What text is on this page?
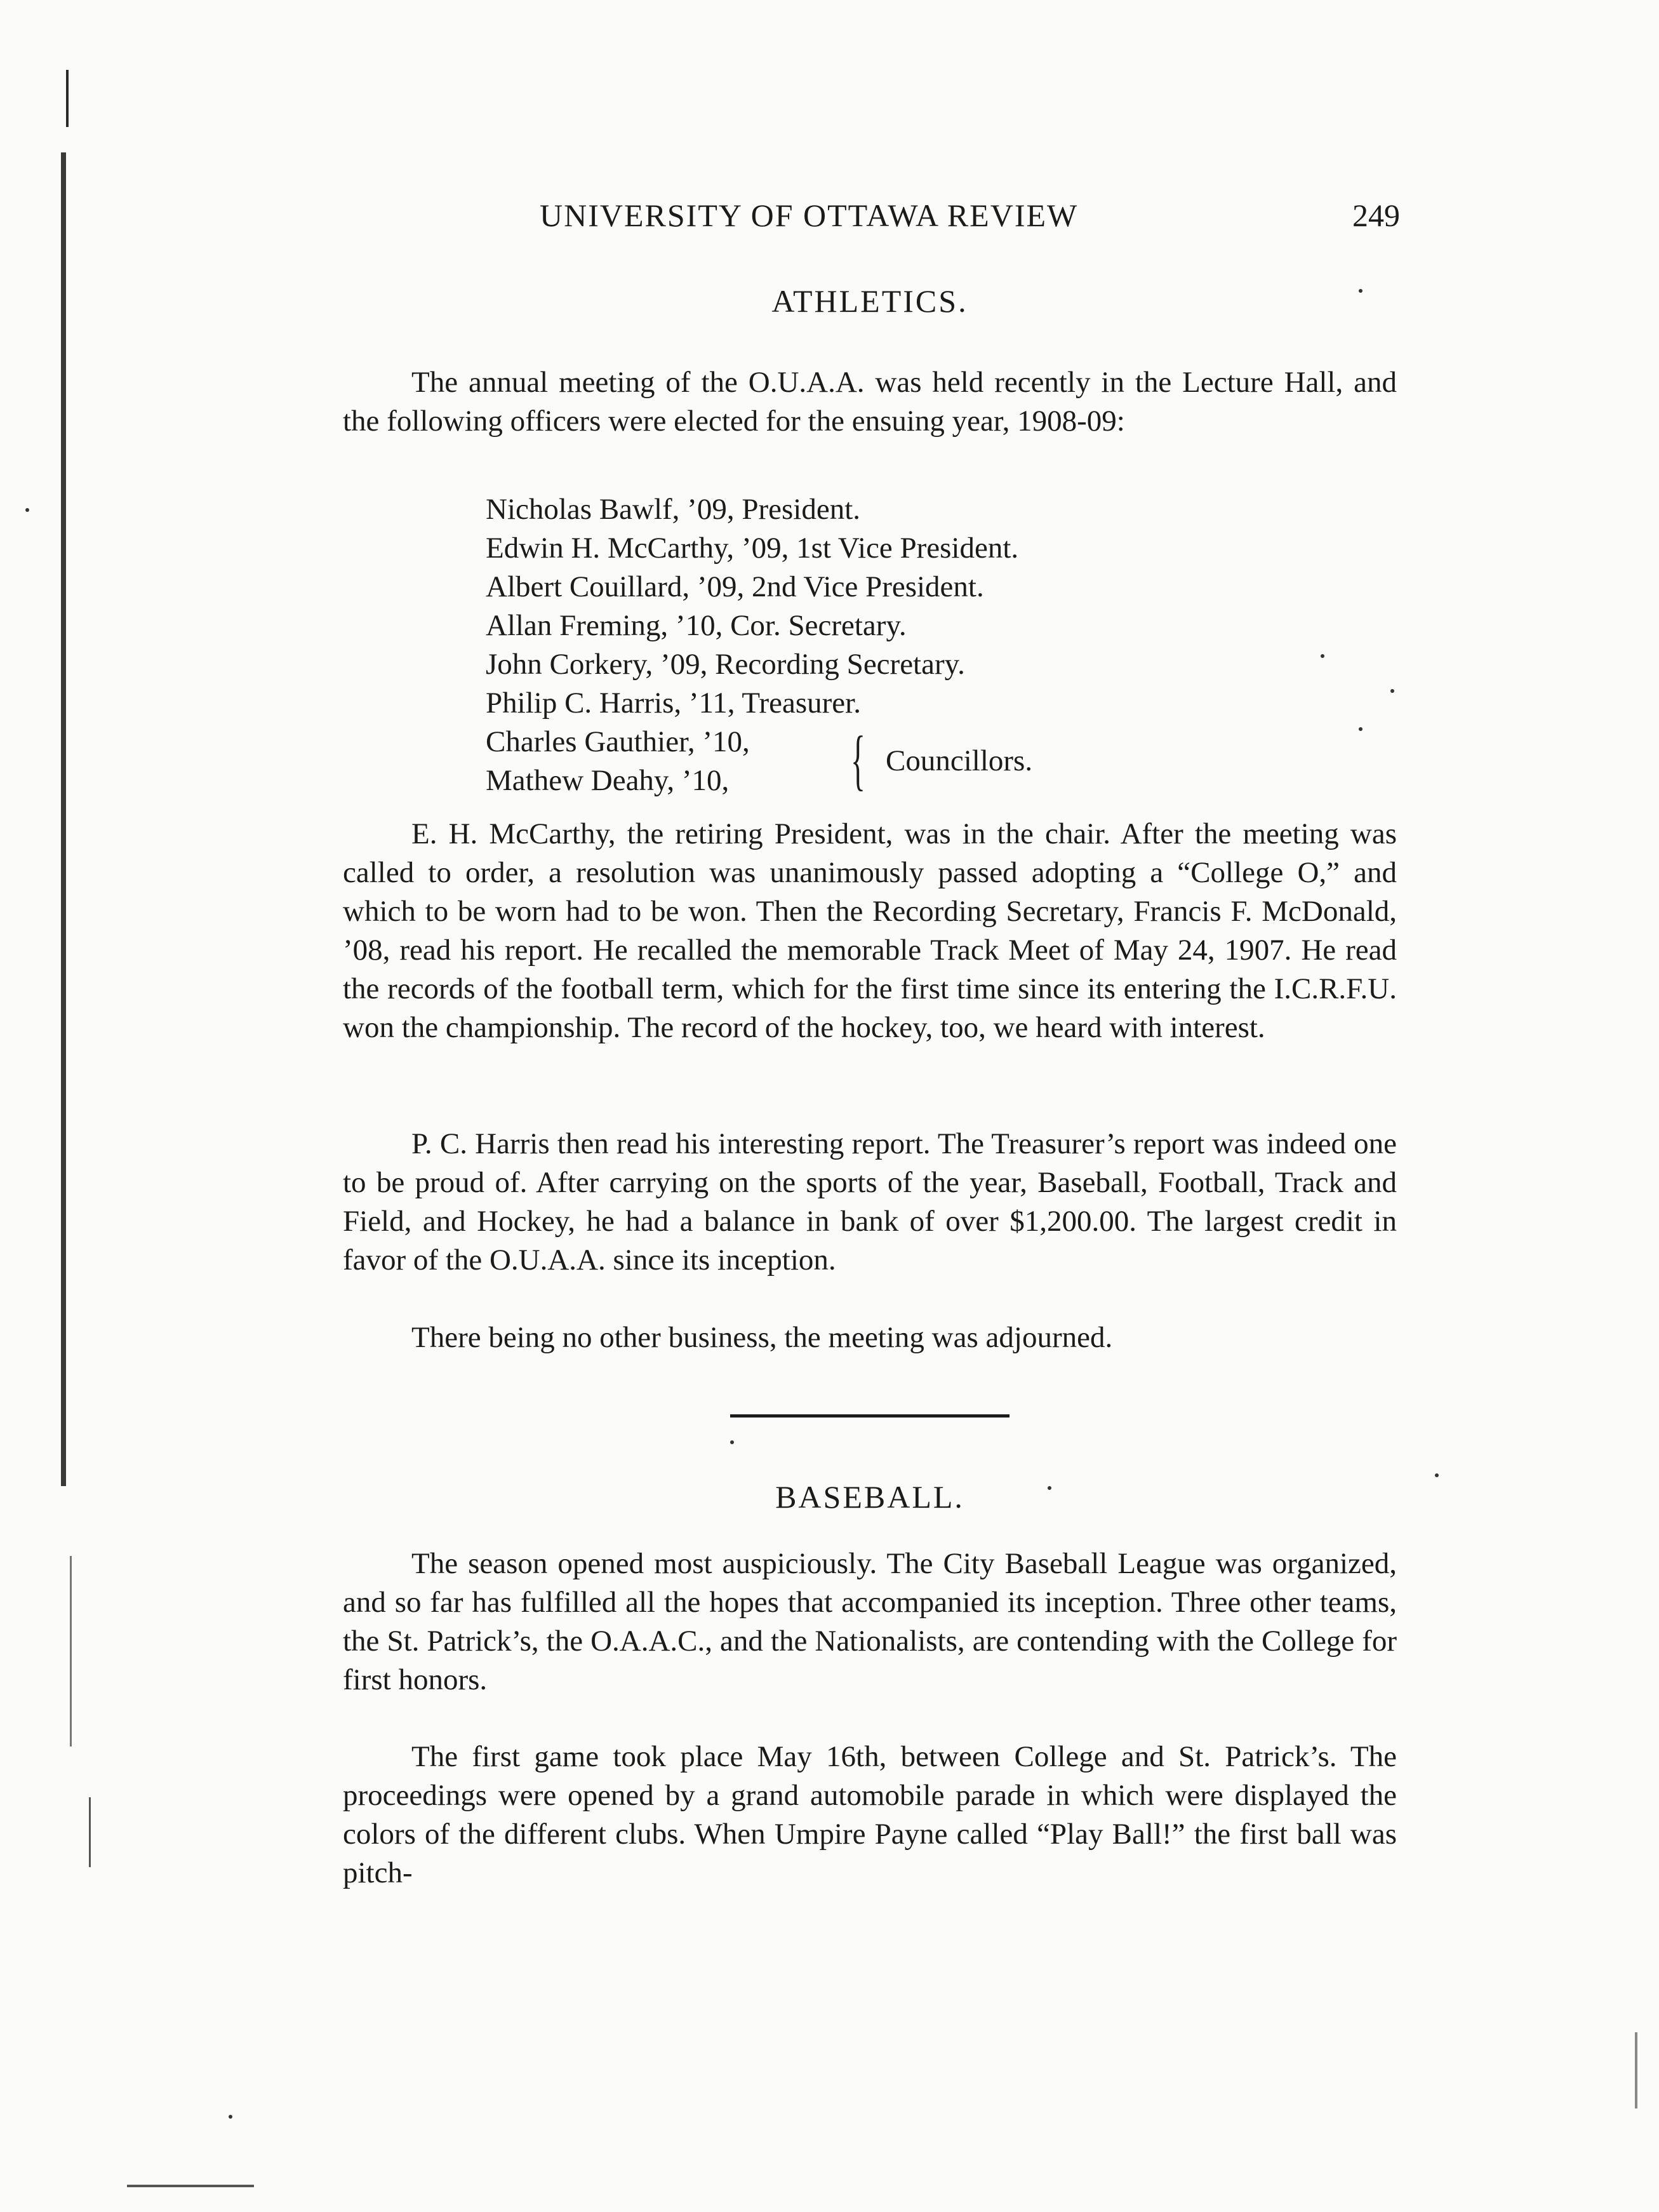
UNIVERSITY OF OTTAWA REVIEW	249
ATHLETICS.

The annual meeting of the O.U.A.A. was held recently in the Lecture Hall, and the following officers were elected for the ensuing year, 1908-09:

Nicholas Bawlf, ’09, President.
Edwin H. McCarthy, ’09, 1st Vice President.
Albert Couillard, ’09, 2nd Vice President.
Allan Freming, ’10, Cor. Secretary.
John Corkery, ’09, Recording Secretary.
Philip C. Harris, ’11, Treasurer.
Charles Gauthier, ’10,
Mathew Deahy, ’10,	{ Councillors.

E. H. McCarthy, the retiring President, was in the chair. After the meeting was called to order, a resolution was unanimously passed adopting a “College O,” and which to be worn had to be won. Then the Recording Secretary, Francis F. McDonald, ’08, read his report. He recalled the memorable Track Meet of May 24, 1907. He read the records of the football term, which for the first time since its entering the I.C.R.F.U. won the championship. The record of the hockey, too, we heard with interest.

P. C. Harris then read his interesting report. The Treasurer’s report was indeed one to be proud of. After carrying on the sports of the year, Baseball, Football, Track and Field, and Hockey, he had a balance in bank of over $1,200.00. The largest credit in favor of the O.U.A.A. since its inception.

There being no other business, the meeting was adjourned.

BASEBALL.

The season opened most auspiciously. The City Baseball League was organized, and so far has fulfilled all the hopes that accompanied its inception. Three other teams, the St. Patrick’s, the O.A.A.C., and the Nationalists, are contending with the College for first honors.

The first game took place May 16th, between College and St. Patrick’s. The proceedings were opened by a grand automobile parade in which were displayed the colors of the different clubs. When Umpire Payne called “Play Ball!” the first ball was pitch-
